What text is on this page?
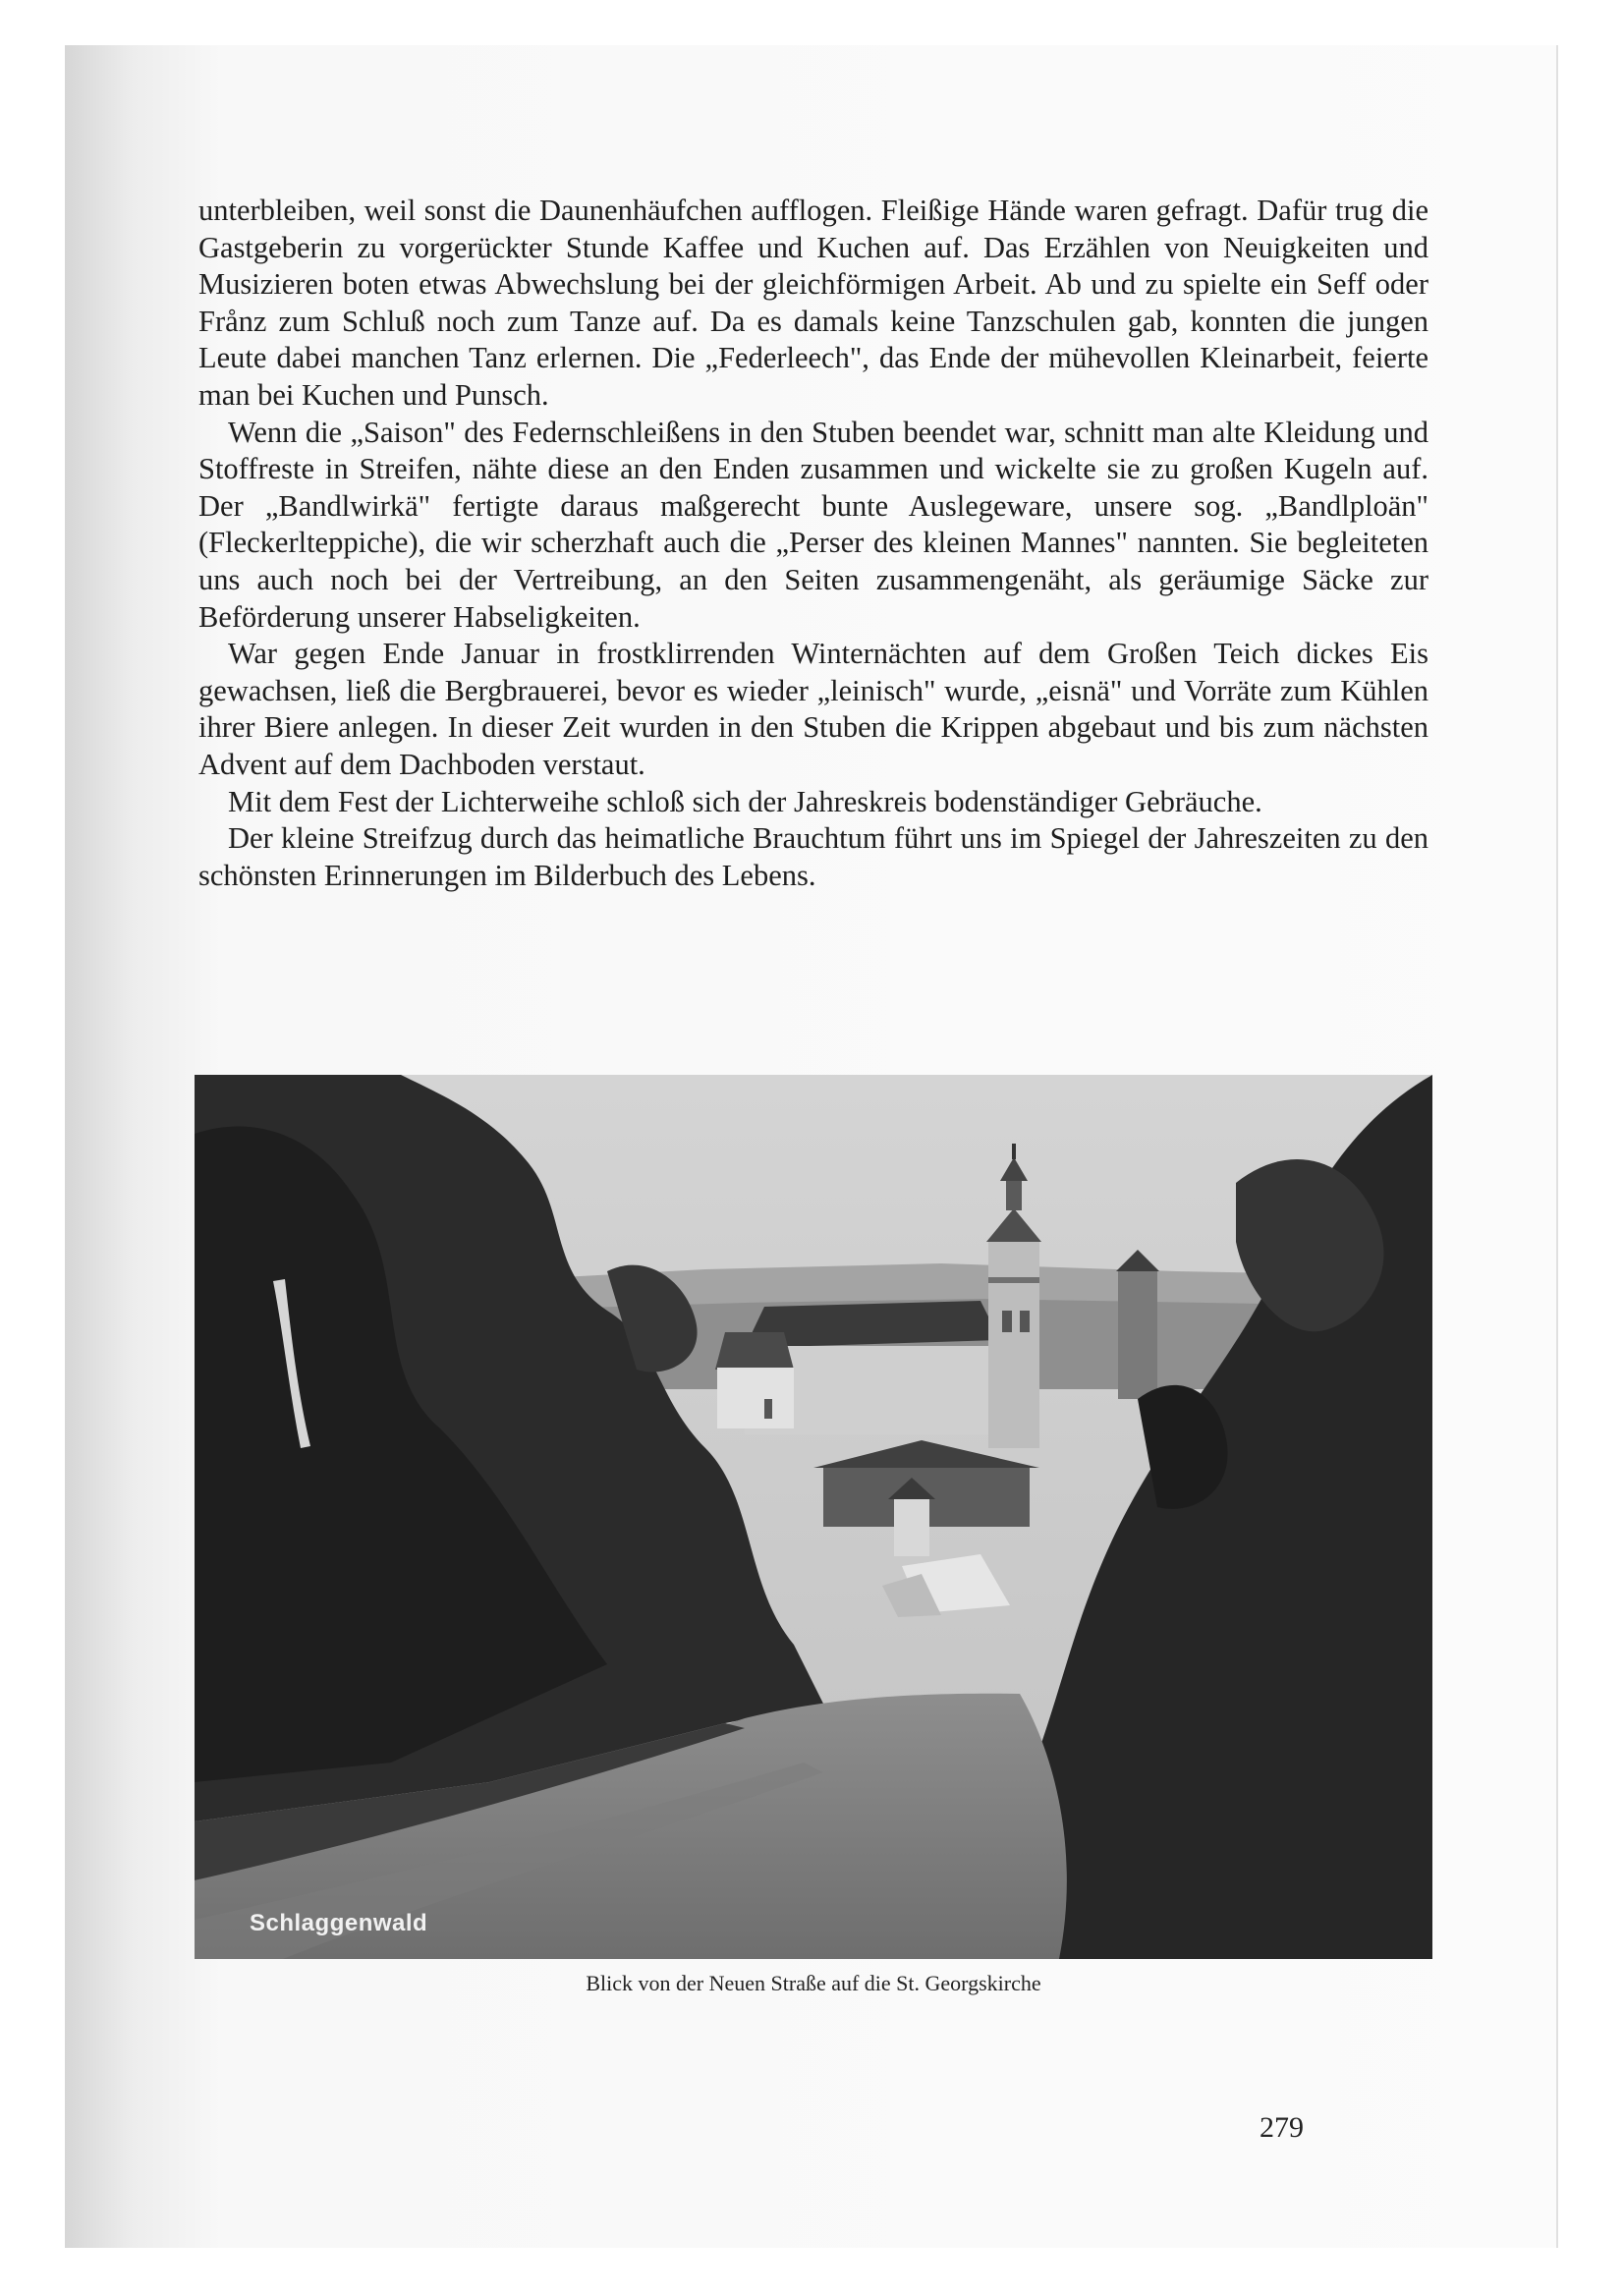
unterbleiben, weil sonst die Daunenhäufchen aufflogen. Fleißige Hände waren gefragt. Dafür trug die Gastgeberin zu vorgerückter Stunde Kaffee und Kuchen auf. Das Erzählen von Neuigkeiten und Musizieren boten etwas Abwechslung bei der gleichförmigen Arbeit. Ab und zu spielte ein Seff oder Frånz zum Schluß noch zum Tanze auf. Da es damals keine Tanzschulen gab, konnten die jungen Leute dabei manchen Tanz erlernen. Die „Federleech", das Ende der mühevollen Kleinarbeit, feierte man bei Kuchen und Punsch.

Wenn die „Saison" des Federnschleißens in den Stuben beendet war, schnitt man alte Kleidung und Stoffreste in Streifen, nähte diese an den Enden zusammen und wickelte sie zu großen Kugeln auf. Der „Bandlwirkä" fertigte daraus maßgerecht bunte Auslegeware, unsere sog. „Bandlploän" (Fleckerlteppiche), die wir scherzhaft auch die „Perser des kleinen Mannes" nannten. Sie begleiteten uns auch noch bei der Vertreibung, an den Seiten zusammengenäht, als geräumige Säcke zur Beförderung unserer Habseligkeiten.

War gegen Ende Januar in frostklirrenden Winternächten auf dem Großen Teich dickes Eis gewachsen, ließ die Bergbrauerei, bevor es wieder „leinisch" wurde, „eisnä" und Vorräte zum Kühlen ihrer Biere anlegen. In dieser Zeit wurden in den Stuben die Krippen abgebaut und bis zum nächsten Advent auf dem Dachboden verstaut.

Mit dem Fest der Lichterweihe schloß sich der Jahreskreis bodenständiger Gebräuche.

Der kleine Streifzug durch das heimatliche Brauchtum führt uns im Spiegel der Jahreszeiten zu den schönsten Erinnerungen im Bilderbuch des Lebens.

Schlaggenwald
Blick von der Neuen Straße auf die St. Georgskirche
279
